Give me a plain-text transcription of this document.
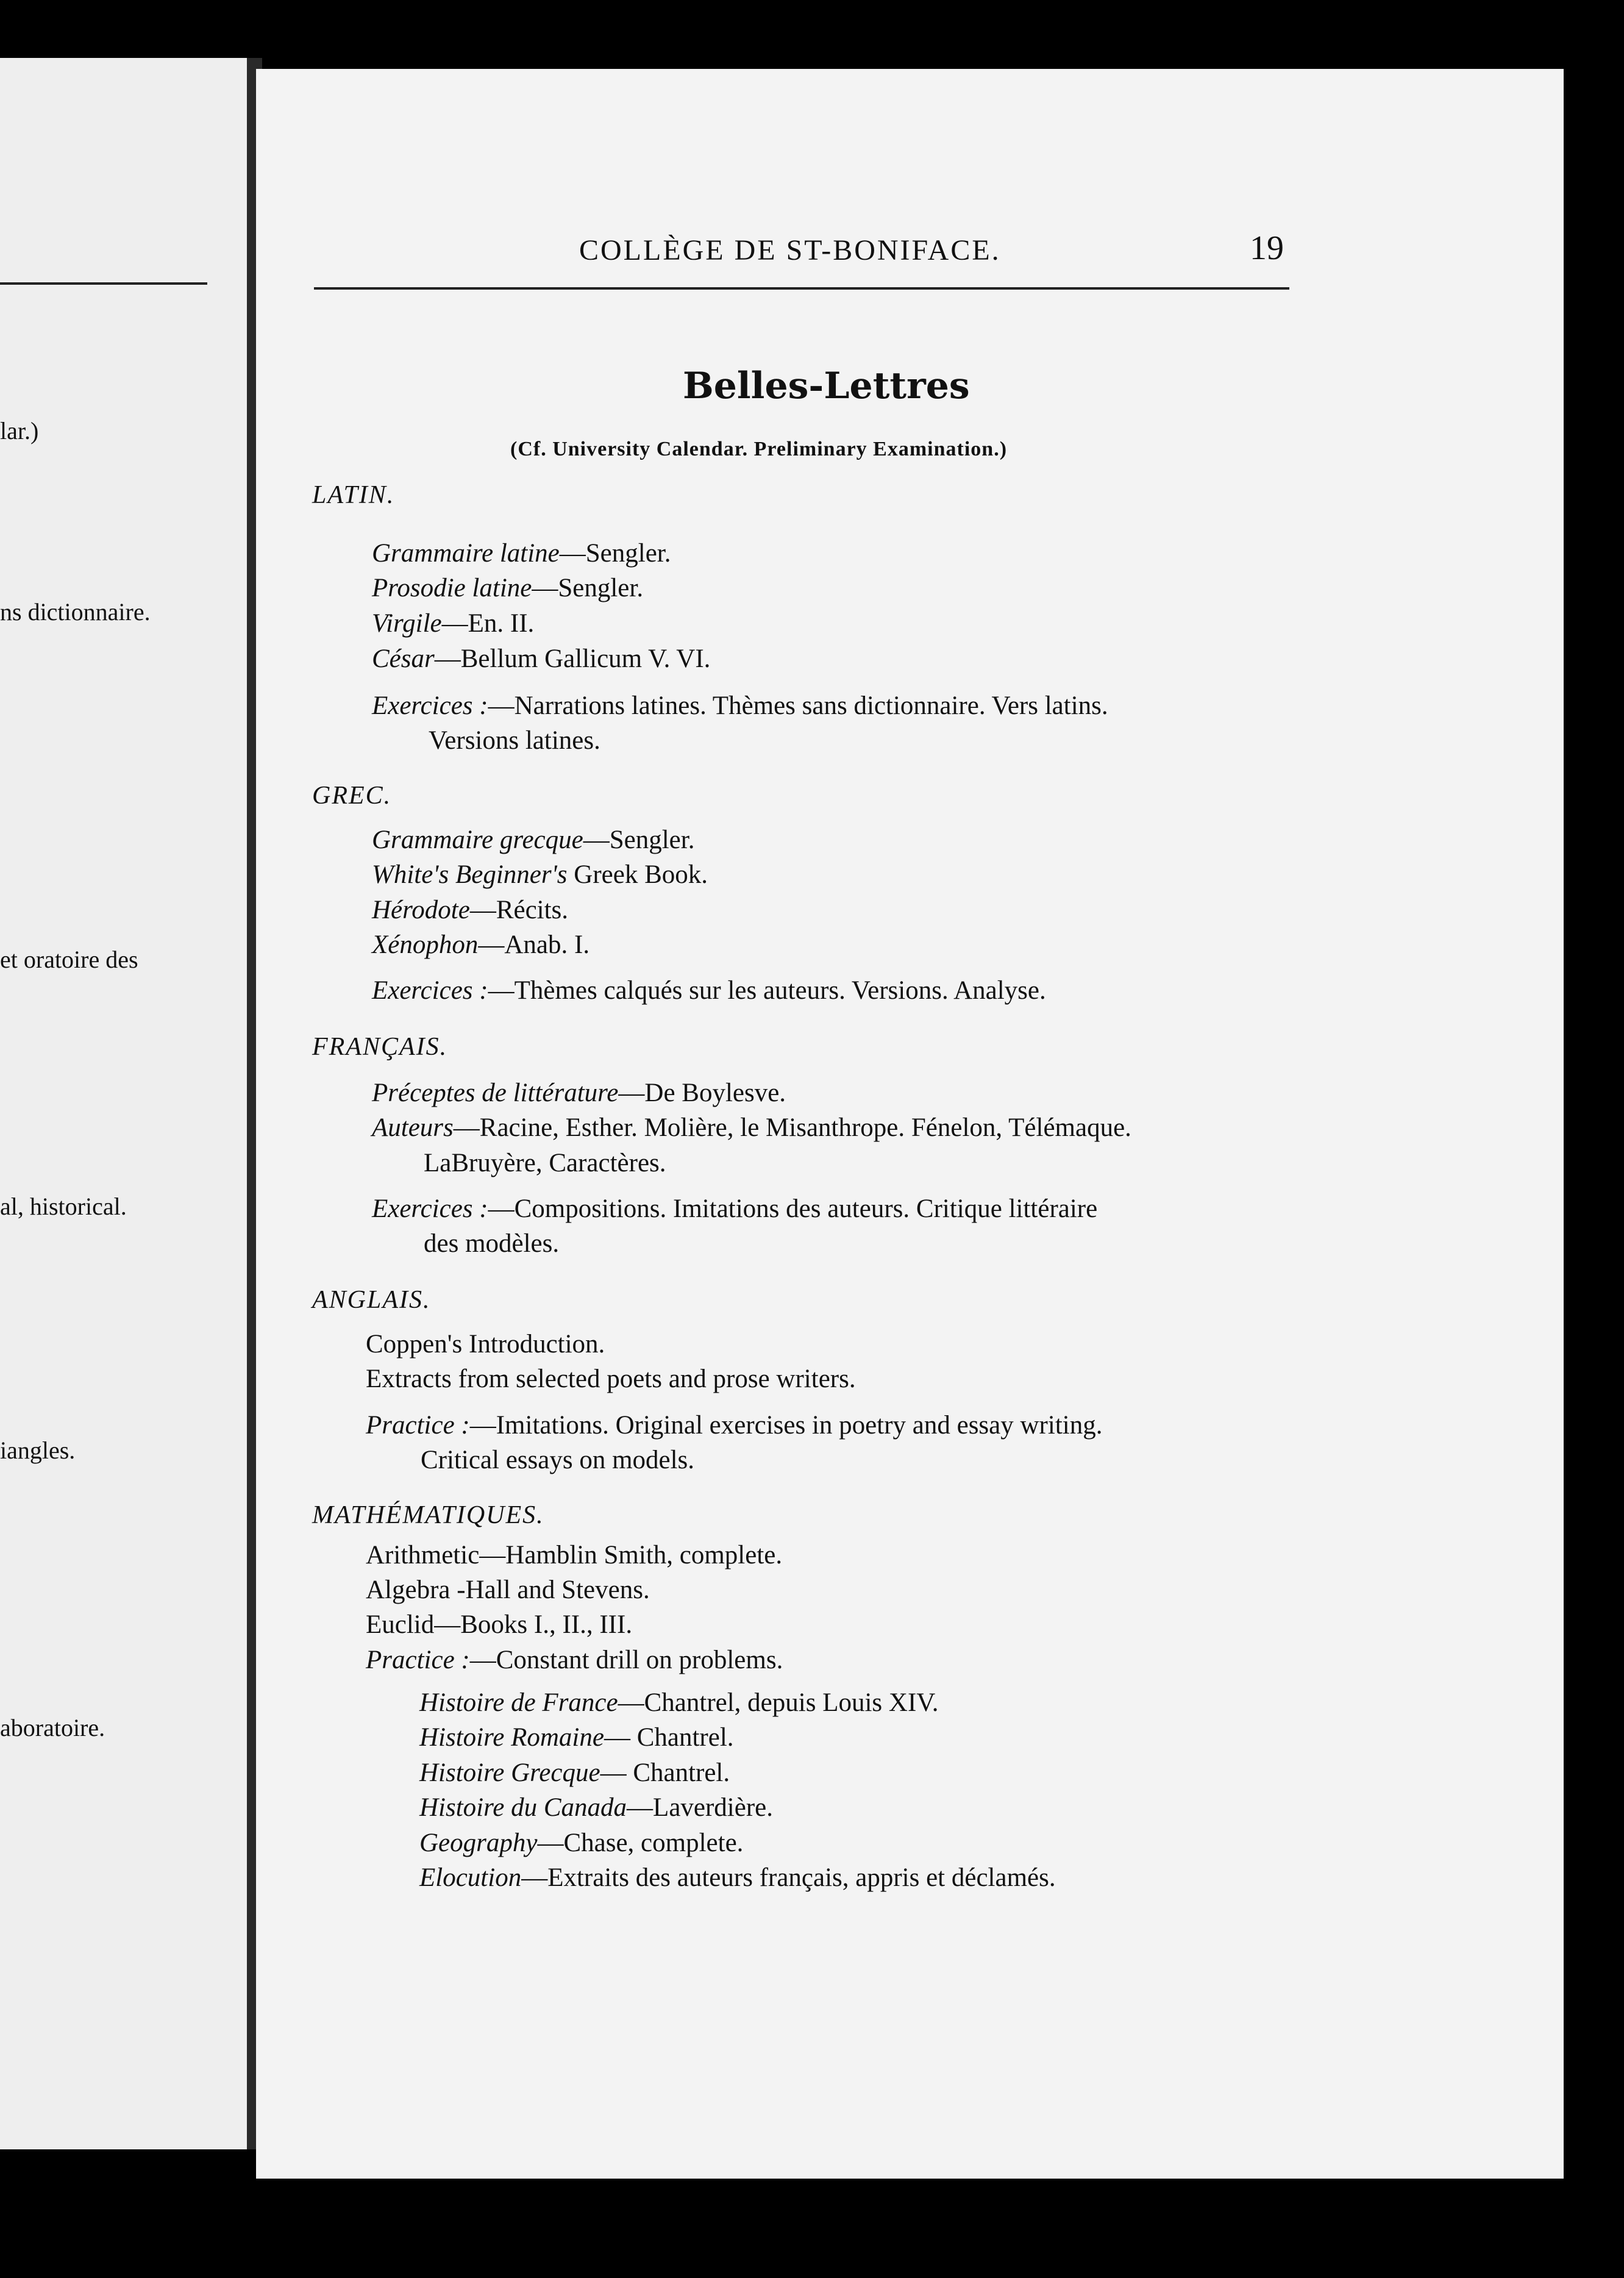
lar.)
ns dictionnaire.
et oratoire des
al, historical.
iangles.
aboratoire.
COLLÈGE DE ST-BONIFACE.	19
Belles-Lettres
(Cf. University Calendar. Preliminary Examination.)
LATIN.
Grammaire latine—Sengler.
Prosodie latine—Sengler.
Virgile—En. II.
César—Bellum Gallicum V. VI.
Exercices :—Narrations latines. Thèmes sans dictionnaire. Vers latins.
Versions latines.
GREC.
Grammaire grecque—Sengler.
White's Beginner's Greek Book.
Hérodote—Récits.
Xénophon—Anab. I.
Exercices :—Thèmes calqués sur les auteurs. Versions. Analyse.
FRANÇAIS.
Préceptes de littérature—De Boylesve.
Auteurs—Racine, Esther. Molière, le Misanthrope. Fénelon, Télémaque.
LaBruyère, Caractères.
Exercices :—Compositions. Imitations des auteurs. Critique littéraire
des modèles.
ANGLAIS.
Coppen's Introduction.
Extracts from selected poets and prose writers.
Practice :—Imitations. Original exercises in poetry and essay writing.
Critical essays on models.
MATHÉMATIQUES.
Arithmetic—Hamblin Smith, complete.
Algebra -Hall and Stevens.
Euclid—Books I., II., III.
Practice :—Constant drill on problems.
Histoire de France—Chantrel, depuis Louis XIV.
Histoire Romaine— Chantrel.
Histoire Grecque— Chantrel.
Histoire du Canada—Laverdière.
Geography—Chase, complete.
Elocution—Extraits des auteurs français, appris et déclamés.
